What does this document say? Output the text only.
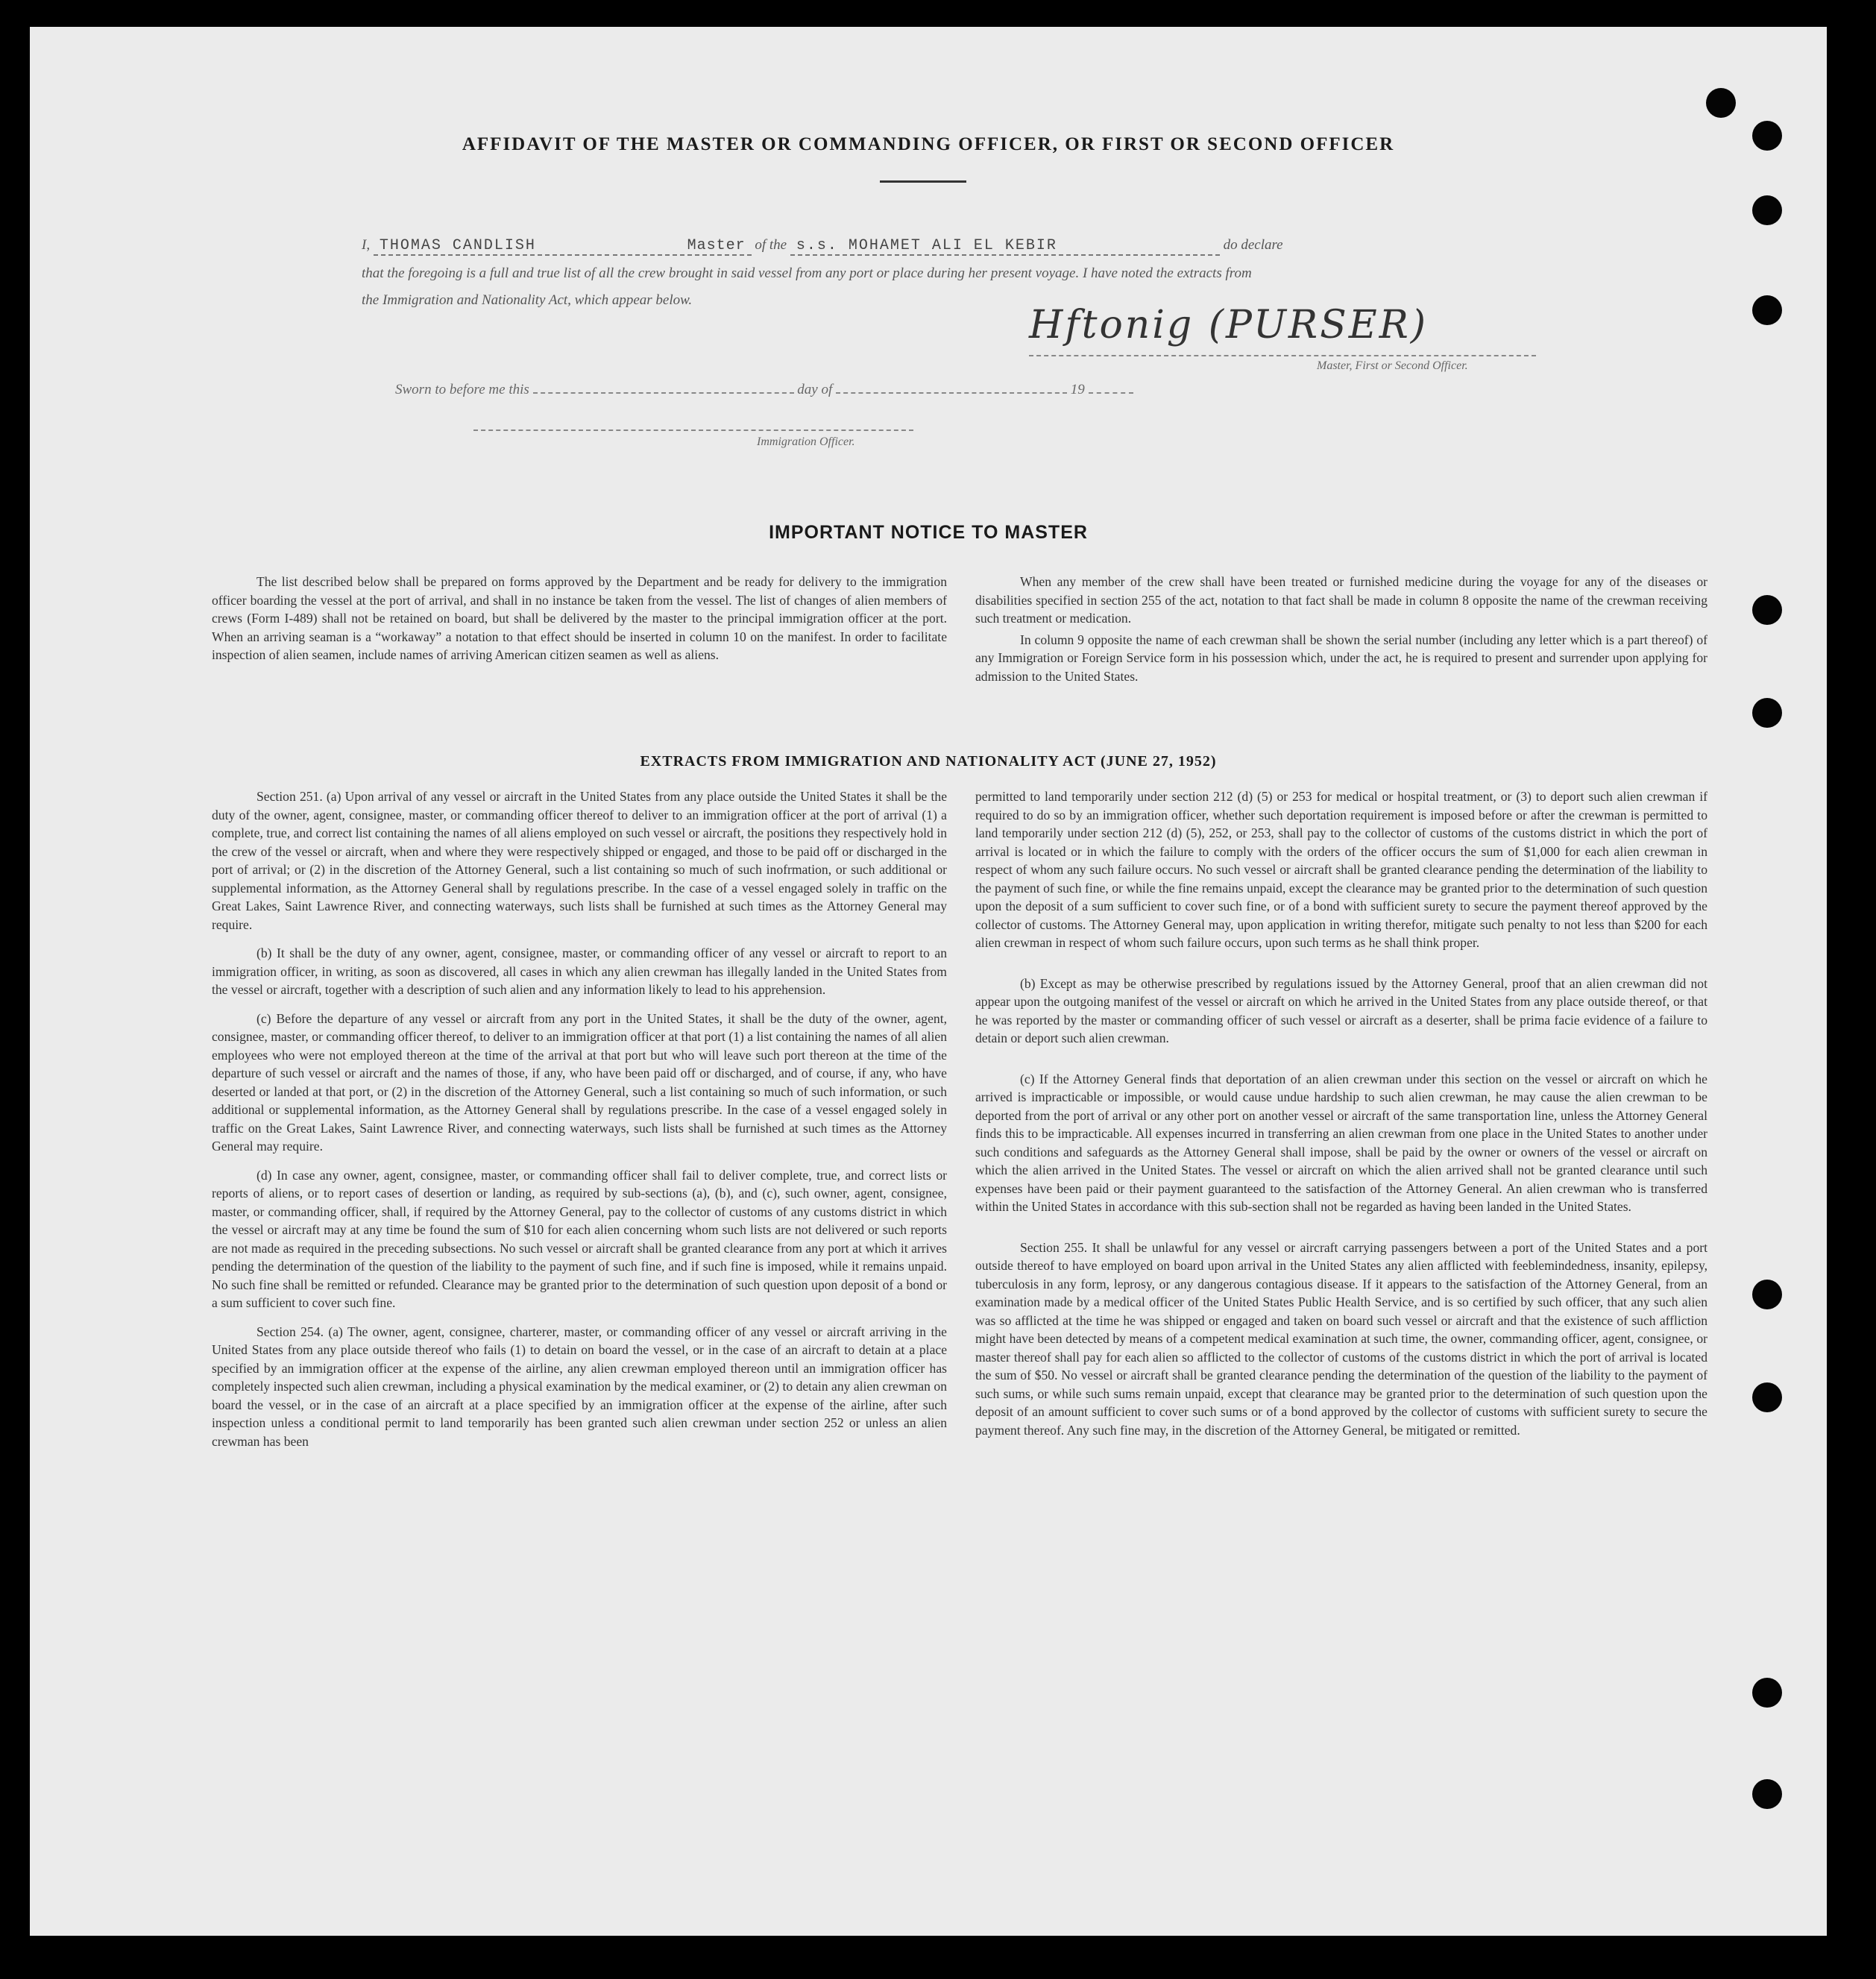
AFFIDAVIT OF THE MASTER OR COMMANDING OFFICER, OR FIRST OR SECOND OFFICER
I, THOMAS CANDLISH	Master of the s.s. MOHAMET ALI EL KEBIR	do declare
that the foregoing is a full and true list of all the crew brought in said vessel from any port or place during her present voyage. I have noted the extracts from
the Immigration and Nationality Act, which appear below.
Hftonig (PURSER)
Master, First or Second Officer.
Sworn to before me this	day of	19
Immigration Officer.
IMPORTANT NOTICE TO MASTER

The list described below shall be prepared on forms approved by the Department and be ready for delivery to the immigration officer boarding the vessel at the port of arrival, and shall in no instance be taken from the vessel. The list of changes of alien members of crews (Form I-489) shall not be retained on board, but shall be delivered by the master to the principal immigration officer at the port. When an arriving seaman is a “workaway” a notation to that effect should be inserted in column 10 on the manifest. In order to facilitate inspection of alien seamen, include names of arriving American citizen seamen as well as aliens.

When any member of the crew shall have been treated or furnished medicine during the voyage for any of the diseases or disabilities specified in section 255 of the act, notation to that fact shall be made in column 8 opposite the name of the crewman receiving such treatment or medication.

In column 9 opposite the name of each crewman shall be shown the serial number (including any letter which is a part thereof) of any Immigration or Foreign Service form in his possession which, under the act, he is required to present and surrender upon applying for admission to the United States.

EXTRACTS FROM IMMIGRATION AND NATIONALITY ACT (JUNE 27, 1952)

Section 251. (a) Upon arrival of any vessel or aircraft in the United States from any place outside the United States it shall be the duty of the owner, agent, consignee, master, or commanding officer thereof to deliver to an immigration officer at the port of arrival (1) a complete, true, and correct list containing the names of all aliens employed on such vessel or aircraft, the positions they respectively hold in the crew of the vessel or aircraft, when and where they were respectively shipped or engaged, and those to be paid off or discharged in the port of arrival; or (2) in the discretion of the Attorney General, such a list containing so much of such inofrmation, or such additional or supplemental information, as the Attorney General shall by regulations prescribe. In the case of a vessel engaged solely in traffic on the Great Lakes, Saint Lawrence River, and connecting waterways, such lists shall be furnished at such times as the Attorney General may require.

(b) It shall be the duty of any owner, agent, consignee, master, or commanding officer of any vessel or aircraft to report to an immigration officer, in writing, as soon as discovered, all cases in which any alien crewman has illegally landed in the United States from the vessel or aircraft, together with a description of such alien and any information likely to lead to his apprehension.

(c) Before the departure of any vessel or aircraft from any port in the United States, it shall be the duty of the owner, agent, consignee, master, or commanding officer thereof, to deliver to an immigration officer at that port (1) a list containing the names of all alien employees who were not employed thereon at the time of the arrival at that port but who will leave such port thereon at the time of the departure of such vessel or aircraft and the names of those, if any, who have been paid off or discharged, and of course, if any, who have deserted or landed at that port, or (2) in the discretion of the Attorney General, such a list containing so much of such information, or such additional or supplemental information, as the Attorney General shall by regulations prescribe. In the case of a vessel engaged solely in traffic on the Great Lakes, Saint Lawrence River, and connecting waterways, such lists shall be furnished at such times as the Attorney General may require.

(d) In case any owner, agent, consignee, master, or commanding officer shall fail to deliver complete, true, and correct lists or reports of aliens, or to report cases of desertion or landing, as required by sub-sections (a), (b), and (c), such owner, agent, consignee, master, or commanding officer, shall, if required by the Attorney General, pay to the collector of customs of any customs district in which the vessel or aircraft may at any time be found the sum of $10 for each alien concerning whom such lists are not delivered or such reports are not made as required in the preceding subsections. No such vessel or aircraft shall be granted clearance from any port at which it arrives pending the determination of the question of the liability to the payment of such fine, and if such fine is imposed, while it remains unpaid. No such fine shall be remitted or refunded. Clearance may be granted prior to the determination of such question upon deposit of a bond or a sum sufficient to cover such fine.

Section 254. (a) The owner, agent, consignee, charterer, master, or commanding officer of any vessel or aircraft arriving in the United States from any place outside thereof who fails (1) to detain on board the vessel, or in the case of an aircraft to detain at a place specified by an immigration officer at the expense of the airline, any alien crewman employed thereon until an immigration officer has completely inspected such alien crewman, including a physical examination by the medical examiner, or (2) to detain any alien crewman on board the vessel, or in the case of an aircraft at a place specified by an immigration officer at the expense of the airline, after such inspection unless a conditional permit to land temporarily has been granted such alien crewman under section 252 or unless an alien crewman has been

permitted to land temporarily under section 212 (d) (5) or 253 for medical or hospital treatment, or (3) to deport such alien crewman if required to do so by an immigration officer, whether such deportation requirement is imposed before or after the crewman is permitted to land temporarily under section 212 (d) (5), 252, or 253, shall pay to the collector of customs of the customs district in which the port of arrival is located or in which the failure to comply with the orders of the officer occurs the sum of $1,000 for each alien crewman in respect of whom any such failure occurs. No such vessel or aircraft shall be granted clearance pending the determination of the liability to the payment of such fine, or while the fine remains unpaid, except the clearance may be granted prior to the determination of such question upon the deposit of a sum sufficient to cover such fine, or of a bond with sufficient surety to secure the payment thereof approved by the collector of customs. The Attorney General may, upon application in writing therefor, mitigate such penalty to not less than $200 for each alien crewman in respect of whom such failure occurs, upon such terms as he shall think proper.

(b) Except as may be otherwise prescribed by regulations issued by the Attorney General, proof that an alien crewman did not appear upon the outgoing manifest of the vessel or aircraft on which he arrived in the United States from any place outside thereof, or that he was reported by the master or commanding officer of such vessel or aircraft as a deserter, shall be prima facie evidence of a failure to detain or deport such alien crewman.

(c) If the Attorney General finds that deportation of an alien crewman under this section on the vessel or aircraft on which he arrived is impracticable or impossible, or would cause undue hardship to such alien crewman, he may cause the alien crewman to be deported from the port of arrival or any other port on another vessel or aircraft of the same transportation line, unless the Attorney General finds this to be impracticable. All expenses incurred in transferring an alien crewman from one place in the United States to another under such conditions and safeguards as the Attorney General shall impose, shall be paid by the owner or owners of the vessel or aircraft on which the alien arrived in the United States. The vessel or aircraft on which the alien arrived shall not be granted clearance until such expenses have been paid or their payment guaranteed to the satisfaction of the Attorney General. An alien crewman who is transferred within the United States in accordance with this sub-section shall not be regarded as having been landed in the United States.

Section 255. It shall be unlawful for any vessel or aircraft carrying passengers between a port of the United States and a port outside thereof to have employed on board upon arrival in the United States any alien afflicted with feeblemindedness, insanity, epilepsy, tuberculosis in any form, leprosy, or any dangerous contagious disease. If it appears to the satisfaction of the Attorney General, from an examination made by a medical officer of the United States Public Health Service, and is so certified by such officer, that any such alien was so afflicted at the time he was shipped or engaged and taken on board such vessel or aircraft and that the existence of such affliction might have been detected by means of a competent medical examination at such time, the owner, commanding officer, agent, consignee, or master thereof shall pay for each alien so afflicted to the collector of customs of the customs district in which the port of arrival is located the sum of $50. No vessel or aircraft shall be granted clearance pending the determination of the question of the liability to the payment of such sums, or while such sums remain unpaid, except that clearance may be granted prior to the determination of such question upon the deposit of an amount sufficient to cover such sums or of a bond approved by the collector of customs with sufficient surety to secure the payment thereof. Any such fine may, in the discretion of the Attorney General, be mitigated or remitted.
